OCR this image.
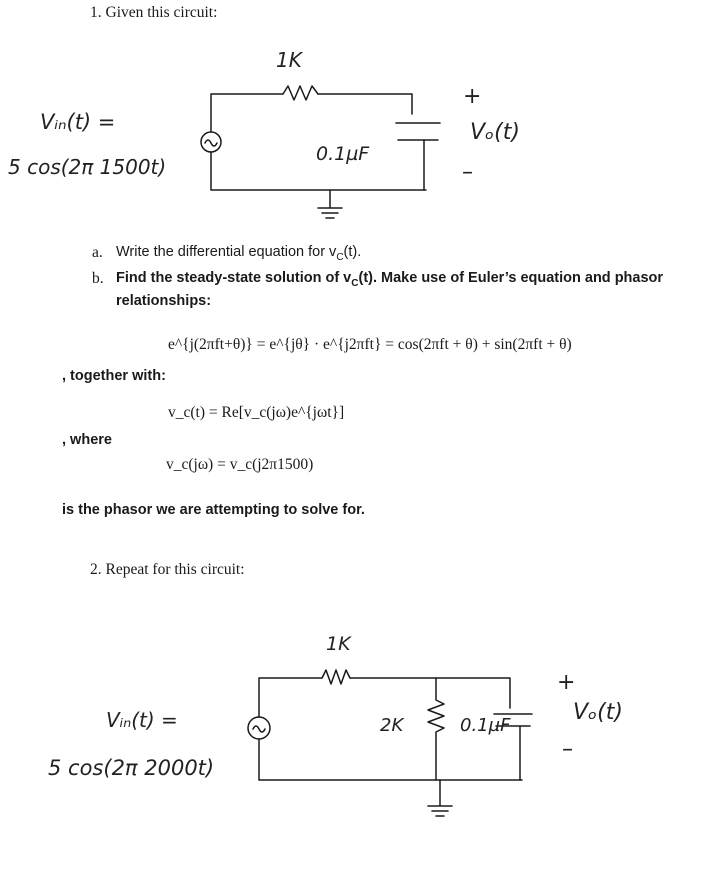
1. Given this circuit:
1K
0.1µF
Vᵢₙ(t) =
5 cos(2π 1500t)
+
Vₒ(t)
–
a. Write the differential equation for $v_C(t)$.
b. Find the steady-state solution of $v_C(t)$. Make use of Euler’s equation and phasor
relationships:
e^{j(2πft+θ)} = e^{jθ} · e^{j2πft} = cos(2πft + θ) + sin(2πft + θ)
, together with:
v_c(t) = Re[v_c(jω)e^{jωt}]
, where
v_c(jω) = v_c(j2π1500)
is the phasor we are attempting to solve for.
2. Repeat for this circuit:
1K
2K	0.1µF
Vᵢₙ(t) =
5 cos(2π 2000t)
+
Vₒ(t)
–
